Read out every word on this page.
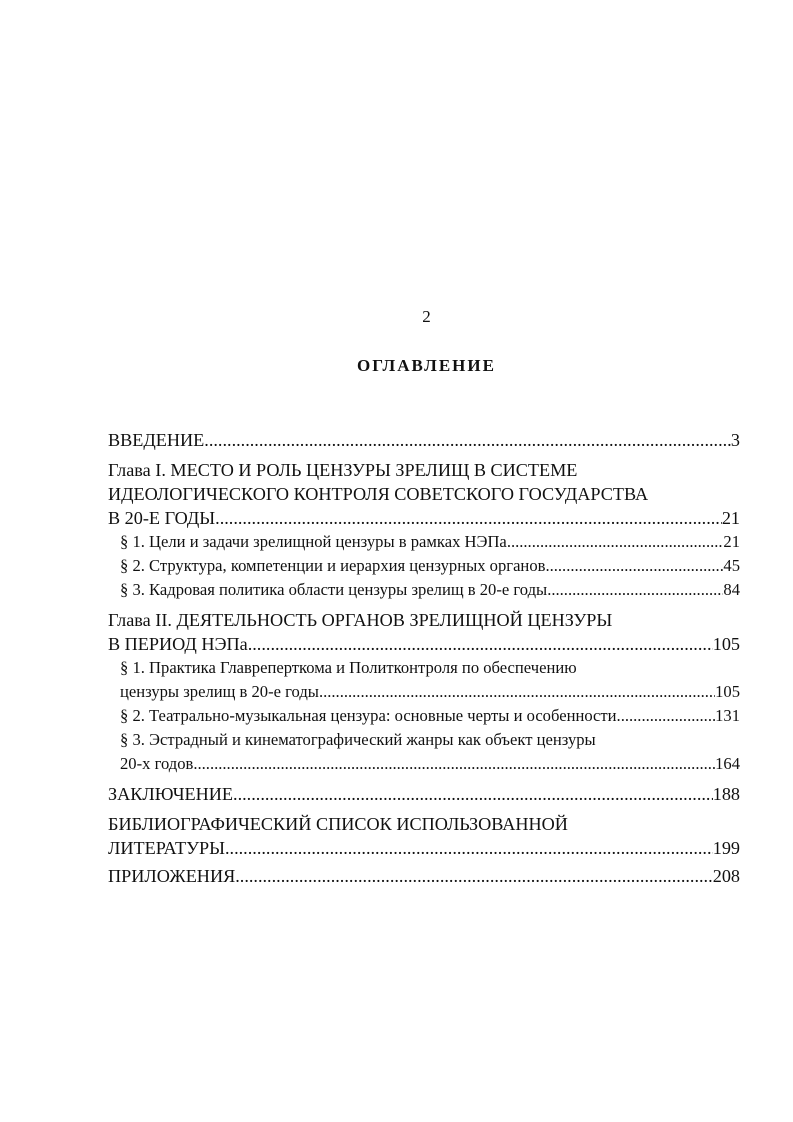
2
ОГЛАВЛЕНИЕ
ВВЕДЕНИЕ .....	3
Глава I. МЕСТО И РОЛЬ ЦЕНЗУРЫ ЗРЕЛИЩ В СИСТЕМЕ
ИДЕОЛОГИЧЕСКОГО КОНТРОЛЯ СОВЕТСКОГО ГОСУДАРСТВА
В 20-Е ГОДЫ .....	21
§ 1. Цели и задачи зрелищной цензуры в рамках НЭПа .....	21
§ 2. Структура, компетенции и иерархия цензурных органов .....	45
§ 3. Кадровая политика области цензуры зрелищ в 20-е годы .....	84
Глава II. ДЕЯТЕЛЬНОСТЬ ОРГАНОВ ЗРЕЛИЩНОЙ ЦЕНЗУРЫ
В ПЕРИОД НЭПа .....	105
§ 1. Практика Главреперткома и Политконтроля по обеспечению
цензуры зрелищ в 20-е годы .....	105
§ 2. Театрально-музыкальная цензура: основные черты и особенности .....	131
§ 3. Эстрадный и кинематографический жанры как объект цензуры
20-х годов .....	164
ЗАКЛЮЧЕНИЕ .....	188
БИБЛИОГРАФИЧЕСКИЙ СПИСОК ИСПОЛЬЗОВАННОЙ
ЛИТЕРАТУРЫ .....	199
ПРИЛОЖЕНИЯ .....	208
